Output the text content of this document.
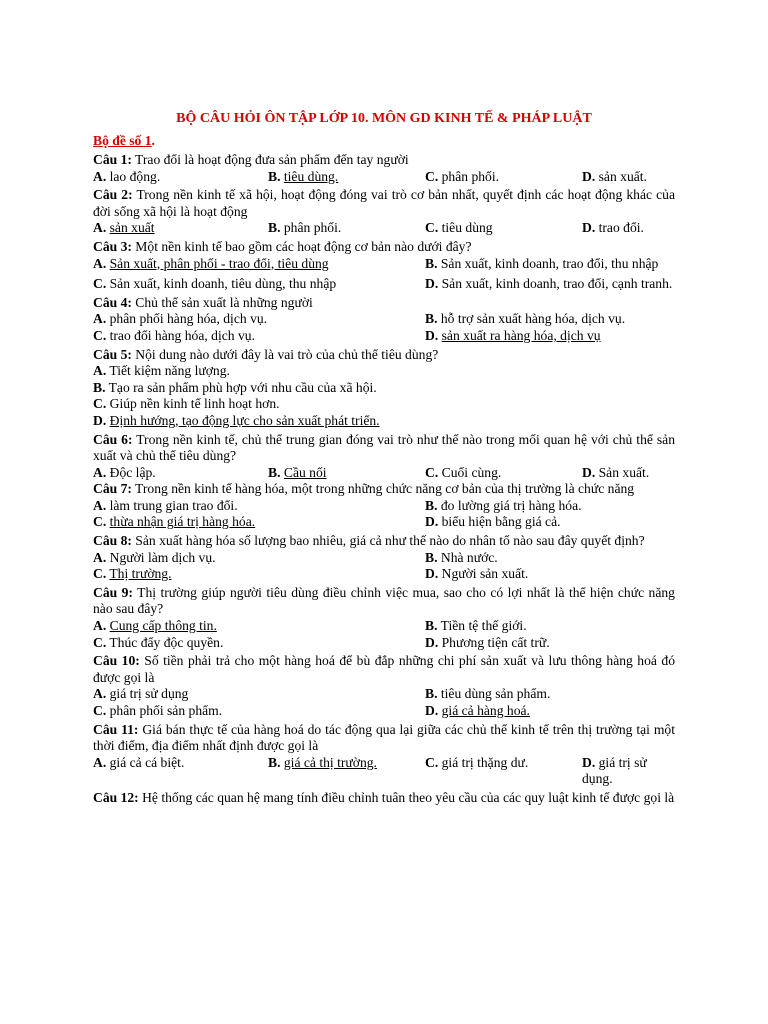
BỘ CÂU HỎI ÔN TẬP LỚP 10. MÔN GD KINH TẾ & PHÁP LUẬT
Bộ đề số 1.
Câu 1: Trao đổi là hoạt động đưa sản phẩm đến tay người
A. lao động.	B. tiêu dùng.	C. phân phối.	D. sản xuất.
Câu 2: Trong nền kinh tế xã hội, hoạt động đóng vai trò cơ bản nhất, quyết định các hoạt động khác của đời sống xã hội là hoạt động
A. sản xuất	B. phân phối.	C. tiêu dùng	D. trao đổi.
Câu 3: Một nền kinh tế bao gồm các hoạt động cơ bản nào dưới đây?
A. Sản xuất, phân phối - trao đổi, tiêu dùng	B. Sản xuất, kinh doanh, trao đổi, thu nhập
C. Sản xuất, kinh doanh, tiêu dùng, thu nhập	D. Sản xuất, kinh doanh, trao đổi, cạnh tranh.
Câu 4: Chủ thể sản xuất là những người
A. phân phối hàng hóa, dịch vụ.	B. hỗ trợ sản xuất hàng hóa, dịch vụ.
C. trao đổi hàng hóa, dịch vụ.	D. sản xuất ra hàng hóa, dịch vụ
Câu 5: Nội dung nào dưới đây là vai trò của chủ thể tiêu dùng?
A. Tiết kiệm năng lượng.
B. Tạo ra sản phẩm phù hợp với nhu cầu của xã hội.
C. Giúp nền kinh tế linh hoạt hơn.
D. Định hướng, tạo động lực cho sản xuất phát triển.
Câu 6: Trong nền kinh tế, chủ thể trung gian đóng vai trò như thế nào trong mối quan hệ với chủ thể sản xuất và chủ thể tiêu dùng?
A. Độc lập.	B. Cầu nối	C. Cuối cùng.	D. Sản xuất.
Câu 7: Trong nền kinh tế hàng hóa, một trong những chức năng cơ bản của thị trường là chức năng
A. làm trung gian trao đổi.	B. đo lường giá trị hàng hóa.
C. thừa nhận giá trị hàng hóa.	D. biểu hiện bằng giá cả.
Câu 8: Sản xuất hàng hóa số lượng bao nhiêu, giá cả như thế nào do nhân tố nào sau đây quyết định?
A. Người làm dịch vụ.	B. Nhà nước.
C. Thị trường.	D. Người sản xuất.
Câu 9: Thị trường giúp người tiêu dùng điều chỉnh việc mua, sao cho có lợi nhất là thể hiện chức năng nào sau đây?
A. Cung cấp thông tin.	B. Tiền tệ thế giới.
C. Thúc đẩy độc quyền.	D. Phương tiện cất trữ.
Câu 10: Số tiền phải trả cho một hàng hoá để bù đắp những chi phí sản xuất và lưu thông hàng hoá đó được gọi là
A. giá trị sử dụng	B. tiêu dùng sản phẩm.
C. phân phối sản phẩm.	D. giá cả hàng hoá.
Câu 11: Giá bán thực tế của hàng hoá do tác động qua lại giữa các chủ thể kinh tế trên thị trường tại một thời điểm, địa điểm nhất định được gọi là
A. giá cả cá biệt.	B. giá cả thị trường.	C. giá trị thặng dư.	D. giá trị sử dụng.
Câu 12: Hệ thống các quan hệ mang tính điều chỉnh tuân theo yêu cầu của các quy luật kinh tế được gọi là
